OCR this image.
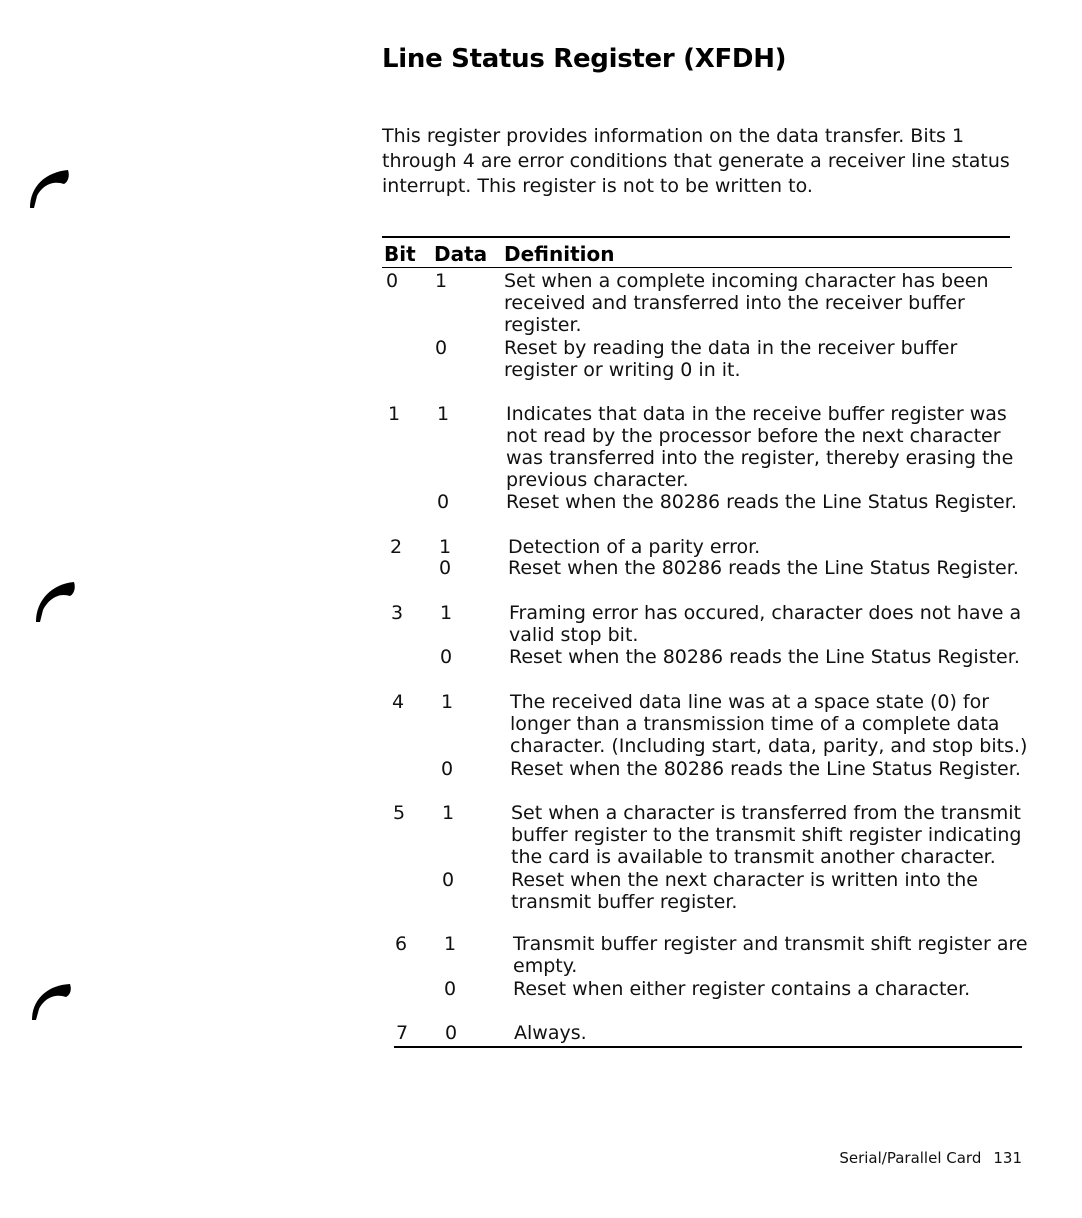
Line Status Register (XFDH)
This register provides information on the data transfer. Bits 1
through 4 are error conditions that generate a receiver line status
interrupt. This register is not to be written to.
Bit Data Definition
0 1	Set when a complete incoming character has been
received and transferred into the receiver buffer
register.
0	Reset by reading the data in the receiver buffer
register or writing 0 in it.
1 1	Indicates that data in the receive buffer register was
not read by the processor before the next character
was transferred into the register, thereby erasing the
previous character.
0	Reset when the 80286 reads the Line Status Register.
2 1	Detection of a parity error.
0	Reset when the 80286 reads the Line Status Register.
3 1	Framing error has occured, character does not have a
valid stop bit.
0	Reset when the 80286 reads the Line Status Register.
4 1	The received data line was at a space state (0) for
longer than a transmission time of a complete data
character. (Including start, data, parity, and stop bits.)
0	Reset when the 80286 reads the Line Status Register.
5 1	Set when a character is transferred from the transmit
buffer register to the transmit shift register indicating
the card is available to transmit another character.
0	Reset when the next character is written into the
transmit buffer register.
6 1	Transmit buffer register and transmit shift register are
empty.
0	Reset when either register contains a character.
7 0	Always.
Serial/Parallel Card 131
